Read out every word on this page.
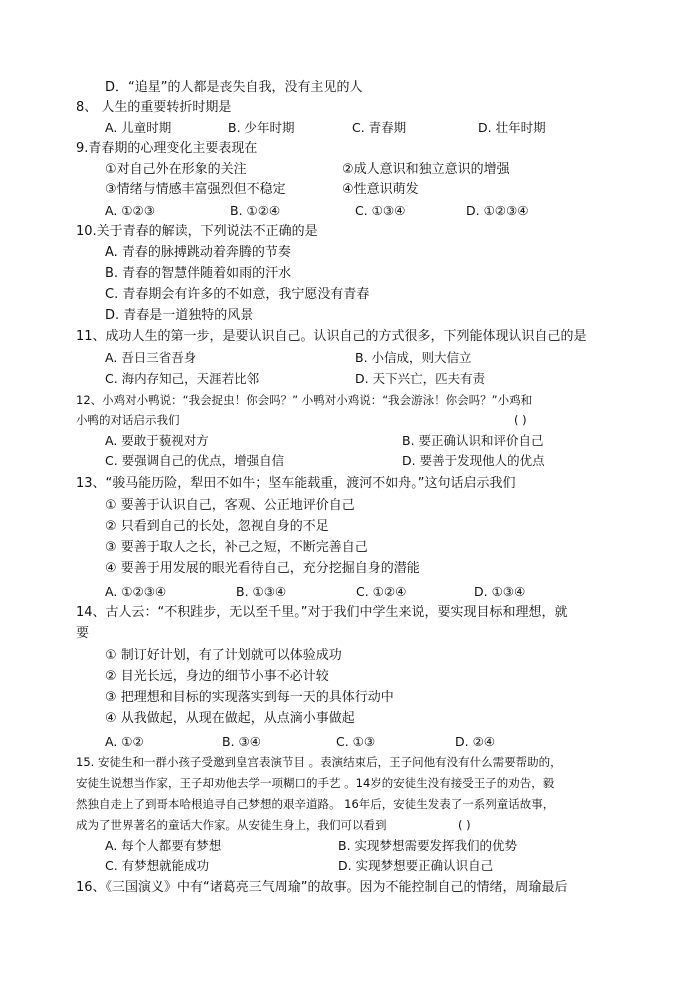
D．“追星”的人都是丧失自我，没有主见的人
8、 人生的重要转折时期是
A. 儿童时期	B. 少年时期	C. 青春期	D. 壮年时期
9.青春期的心理变化主要表现在
①对自己外在形象的关注	②成人意识和独立意识的增强
③情绪与情感丰富强烈但不稳定	④性意识萌发
A. ①②③	B. ①②④	C. ①③④	D. ①②③④
10.关于青春的解读，下列说法不正确的是
A. 青春的脉搏跳动着奔腾的节奏
B. 青春的智慧伴随着如雨的汗水
C. 青春期会有许多的不如意，我宁愿没有青春
D. 青春是一道独特的风景
11、成功人生的第一步，是要认识自己。认识自己的方式很多，下列能体现认识自己的是
A. 吾日三省吾身	B. 小信成，则大信立
C. 海内存知己，天涯若比邻	D. 天下兴亡，匹夫有责
12、小鸡对小鸭说：“我会捉虫！你会吗？” 小鸭对小鸡说：“我会游泳！你会吗？”小鸡和
小鸭的对话启示我们	( )
A. 要敢于藐视对方	B. 要正确认识和评价自己
C. 要强调自己的优点，增强自信	D. 要善于发现他人的优点
13、“骏马能历险，犁田不如牛；坚车能载重，渡河不如舟。”这句话启示我们
① 要善于认识自己，客观、公正地评价自己
② 只看到自己的长处，忽视自身的不足
③ 要善于取人之长，补己之短，不断完善自己
④ 要善于用发展的眼光看待自己，充分挖掘自身的潜能
A. ①②③④	B. ①③④	C. ①②④	D. ①③④
14、古人云：“不积跬步，无以至千里。”对于我们中学生来说，要实现目标和理想，就
要
① 制订好计划，有了计划就可以体验成功
② 目光长远，身边的细节小事不必计较
③ 把理想和目标的实现落实到每一天的具体行动中
④ 从我做起，从现在做起，从点滴小事做起
A. ①②	B. ③④	C. ①③	D. ②④
15. 安徒生和一群小孩子受邀到皇宫表演节目 。表演结束后，王子问他有没有什么需要帮助的，
安徒生说想当作家，王子却劝他去学一项糊口的手艺 。14岁的安徒生没有接受王子的劝告，毅
然独自走上了到哥本哈根追寻自己梦想的艰辛道路。 16年后，安徒生发表了一系列童话故事，
成为了世界著名的童话大作家。从安徒生身上，我们可以看到	( )
A. 每个人都要有梦想	B. 实现梦想需要发挥我们的优势
C. 有梦想就能成功	D. 实现梦想要正确认识自己
16、《三国演义》中有“诸葛亮三气周瑜”的故事。因为不能控制自己的情绪，周瑜最后
